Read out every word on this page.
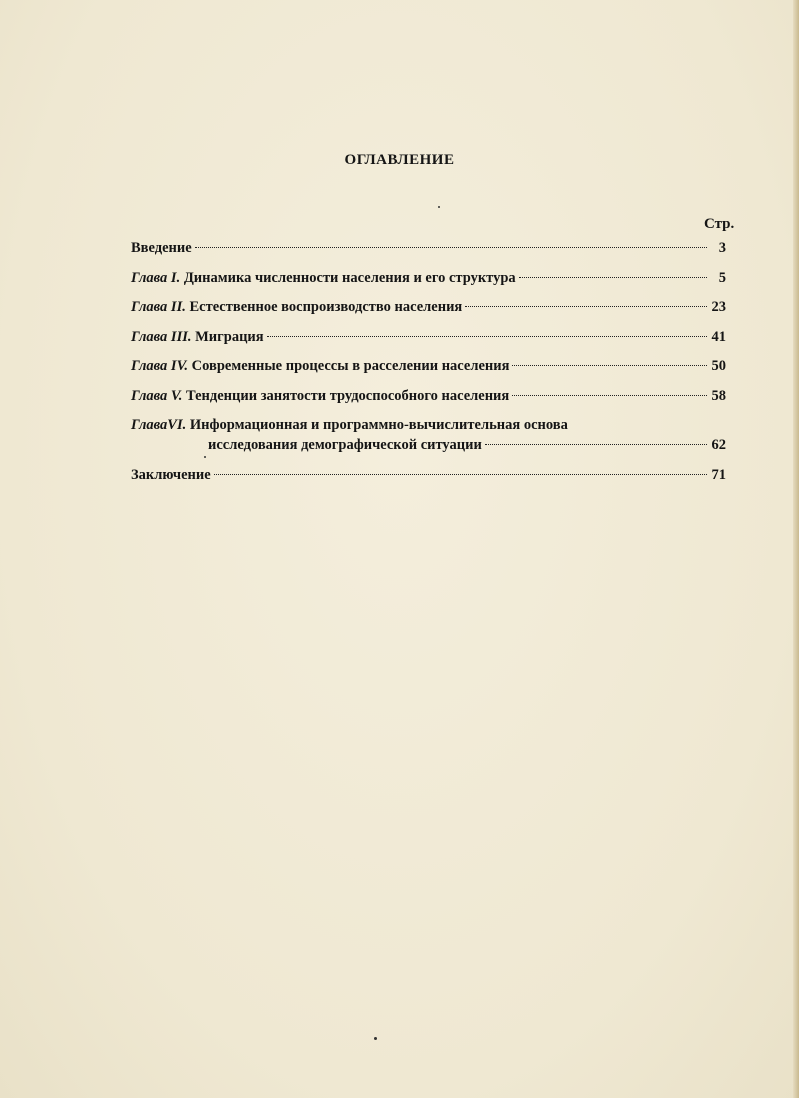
ОГЛАВЛЕНИЕ
Стр.
Введение	3
Глава I. Динамика численности населения и его структура	5
Глава II. Естественное воспроизводство населения	23
Глава III. Миграция	41
Глава IV. Современные процессы в расселении населения	50
Глава V. Тенденции занятости трудоспособного населения	58
ГлаваVI. Информационная и программно-вычислительная основа
исследования демографической ситуации	62
Заключение	71
